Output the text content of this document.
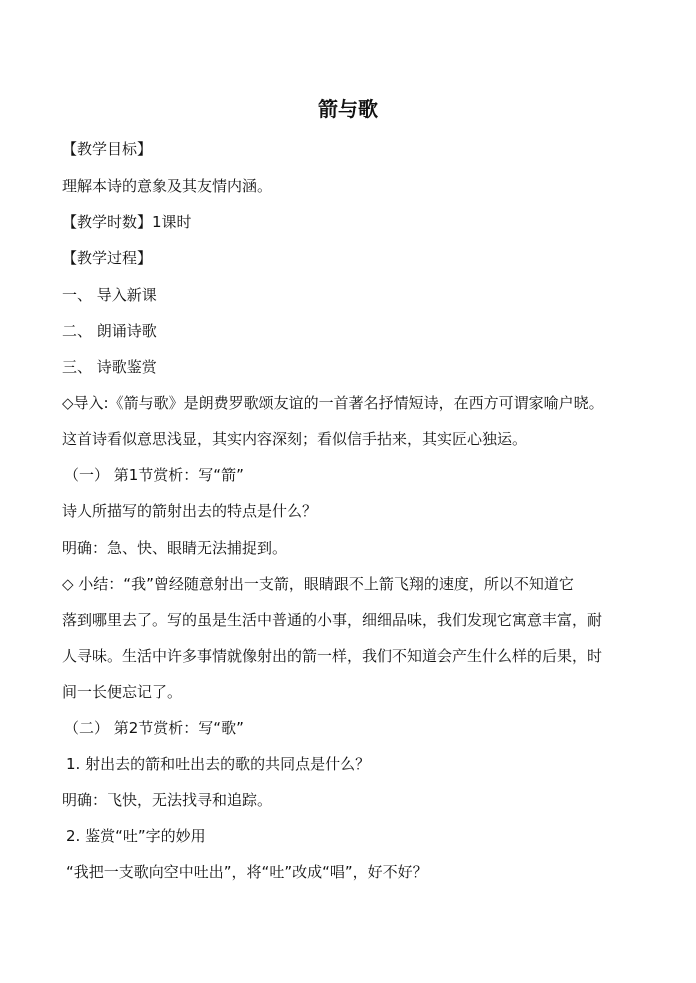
箭与歌
【教学目标】
理解本诗的意象及其友情内涵。
【教学时数】1课时
【教学过程】
一、 导入新课
二、 朗诵诗歌
三、 诗歌鉴赏
◇导入:《箭与歌》是朗费罗歌颂友谊的一首著名抒情短诗，在西方可谓家喻户晓。
这首诗看似意思浅显，其实内容深刻；看似信手拈来，其实匠心独运。
（一） 第1节赏析：写“箭”
诗人所描写的箭射出去的特点是什么？
明确：急、快、眼睛无法捕捉到。
◇ 小结：“我”曾经随意射出一支箭，眼睛跟不上箭飞翔的速度，所以不知道它
落到哪里去了。写的虽是生活中普通的小事，细细品味，我们发现它寓意丰富，耐
人寻味。生活中许多事情就像射出的箭一样，我们不知道会产生什么样的后果，时
间一长便忘记了。
（二） 第2节赏析：写“歌”
1. 射出去的箭和吐出去的歌的共同点是什么？
明确：飞快，无法找寻和追踪。
2. 鉴赏“吐”字的妙用
“我把一支歌向空中吐出”，将“吐”改成“唱”，好不好？
